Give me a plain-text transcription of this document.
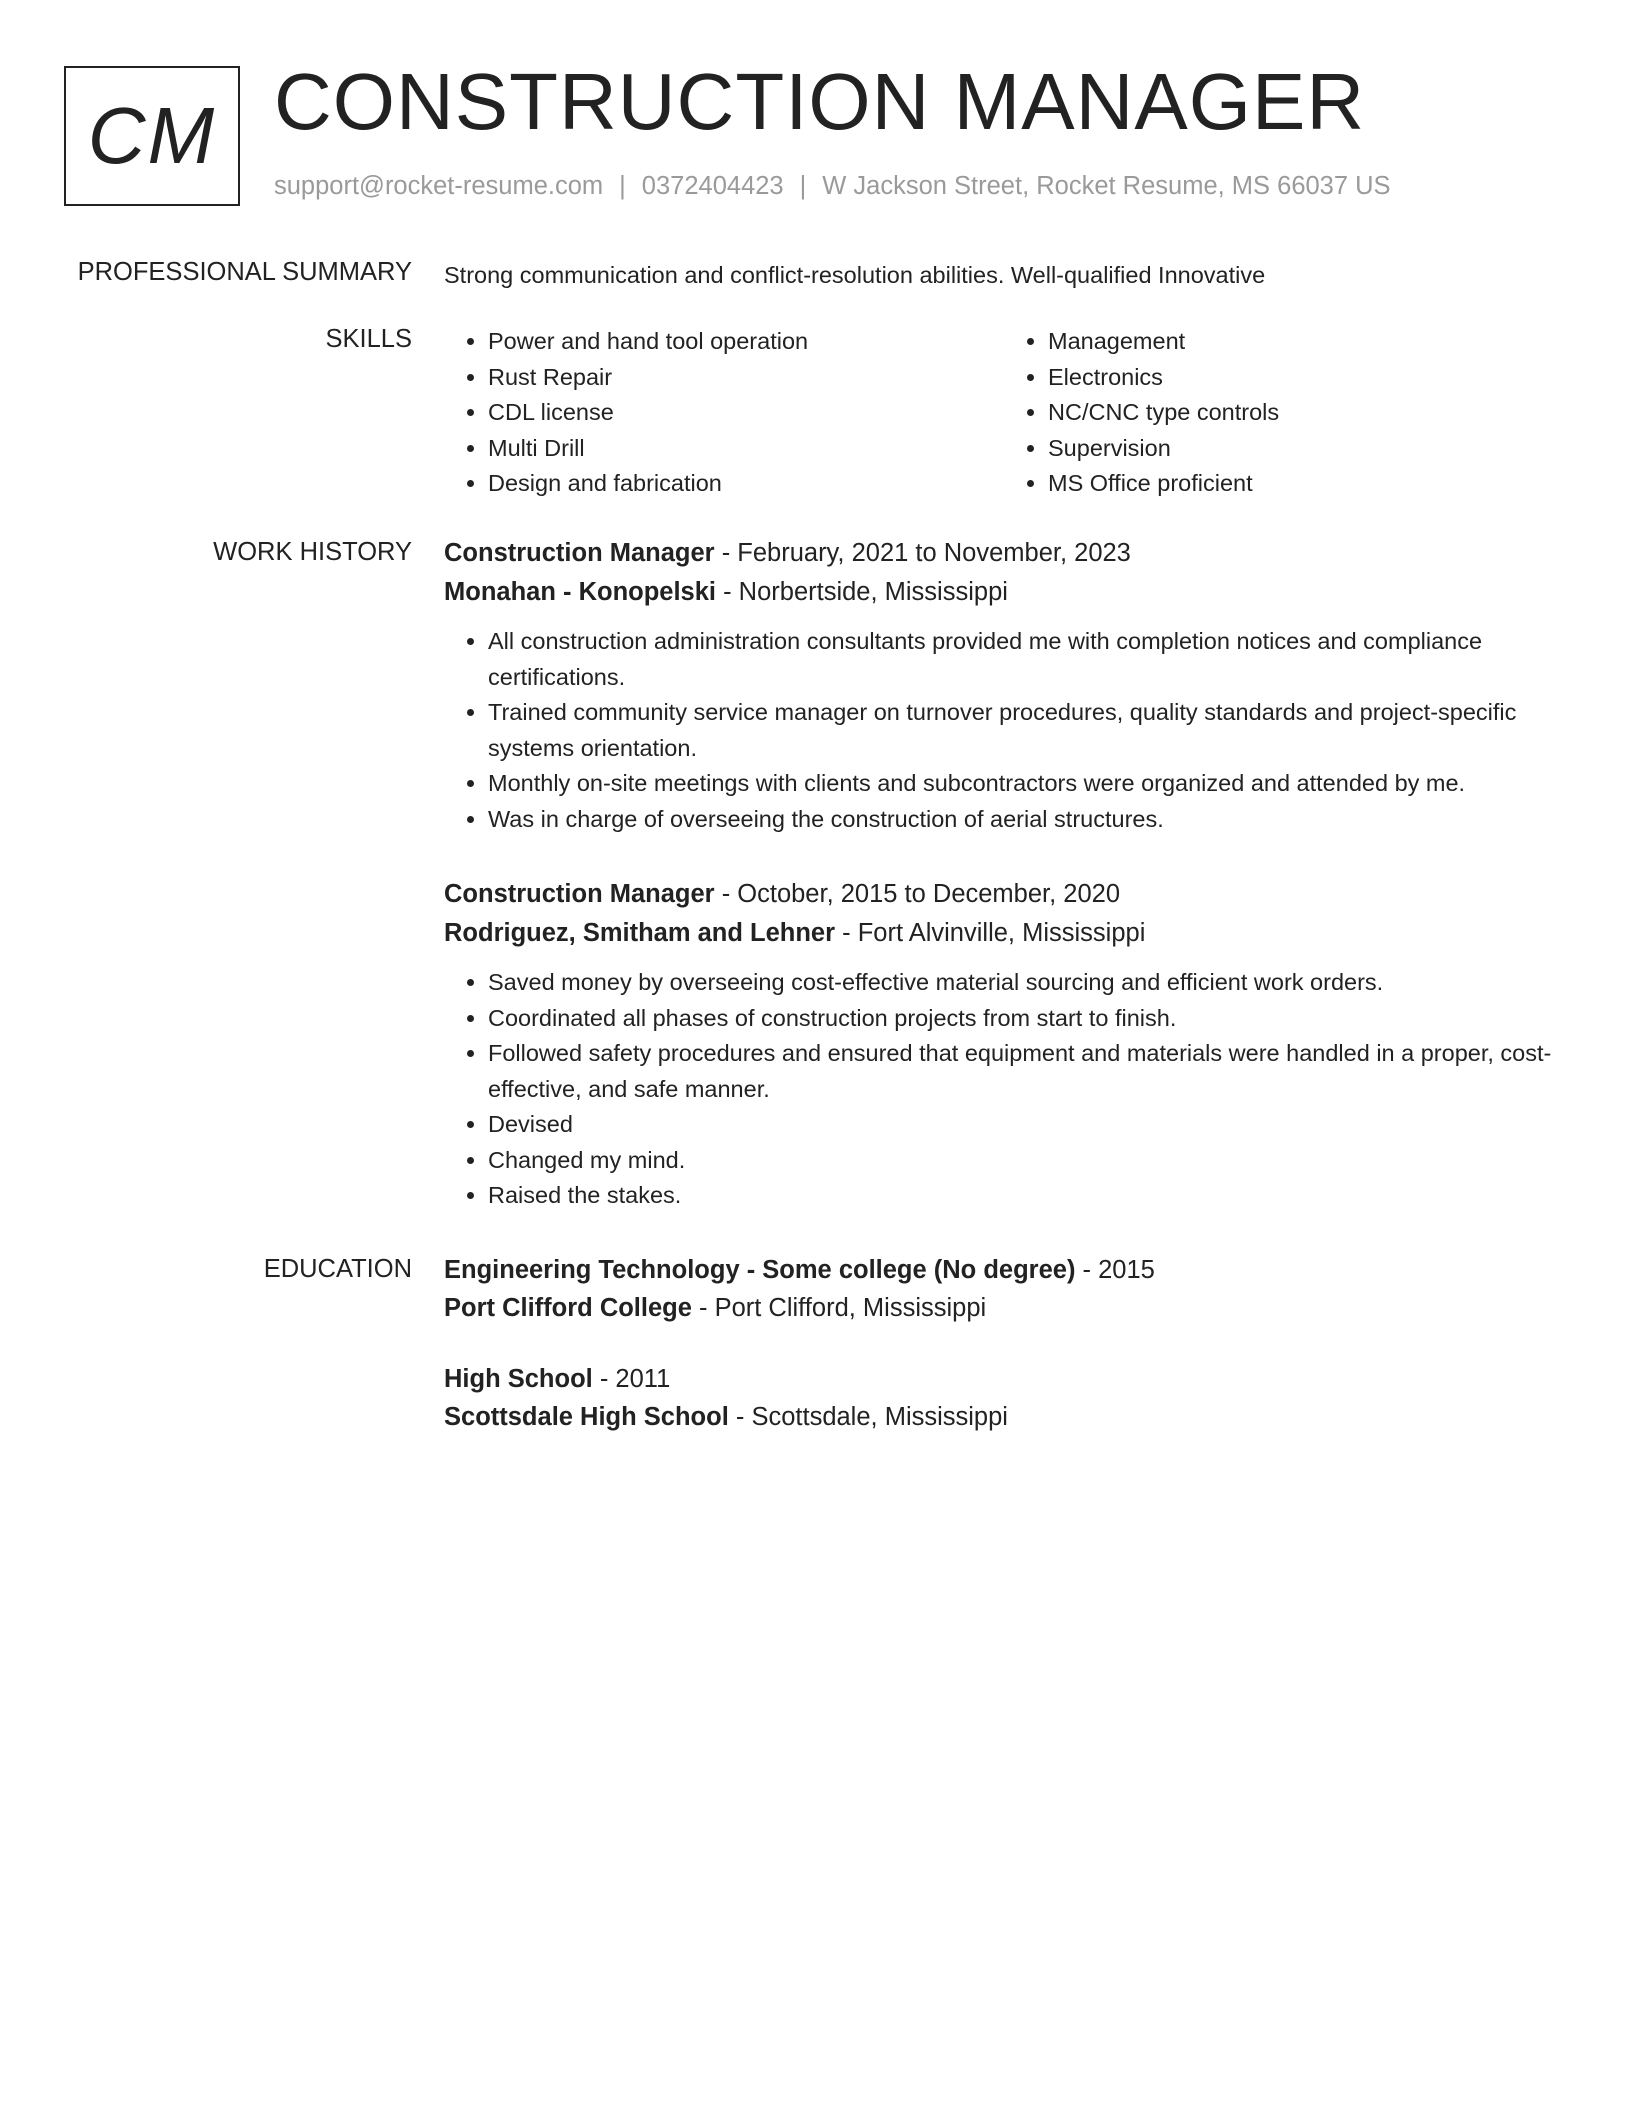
CM CONSTRUCTION MANAGER
support@rocket-resume.com | 0372404423 | W Jackson Street, Rocket Resume, MS 66037 US
PROFESSIONAL SUMMARY Strong communication and conflict-resolution abilities. Well-qualified Innovative
SKILLS
•	Power and hand tool operation
• Rust Repair
• CDL license
• Multi Drill
• Design and fabrication
• Management
• Electronics
• NC/CNC type controls
• Supervision
• MS Office proficient
WORK HISTORY Construction Manager - February, 2021 to November, 2023
Monahan - Konopelski - Norbertside, Mississippi
• All construction administration consultants provided me with completion notices and compliance certifications.
• Trained community service manager on turnover procedures, quality standards and project-specific systems orientation.
• Monthly on-site meetings with clients and subcontractors were organized and attended by me.
• Was in charge of overseeing the construction of aerial structures.
Construction Manager - October, 2015 to December, 2020
Rodriguez, Smitham and Lehner - Fort Alvinville, Mississippi
• Saved money by overseeing cost-effective material sourcing and efficient work orders.
• Coordinated all phases of construction projects from start to finish.
• Followed safety procedures and ensured that equipment and materials were handled in a proper, cost-effective, and safe manner.
• Devised
• Changed my mind.
• Raised the stakes.
EDUCATION Engineering Technology - Some college (No degree) - 2015
Port Clifford College - Port Clifford, Mississippi
High School - 2011
Scottsdale High School - Scottsdale, Mississippi
